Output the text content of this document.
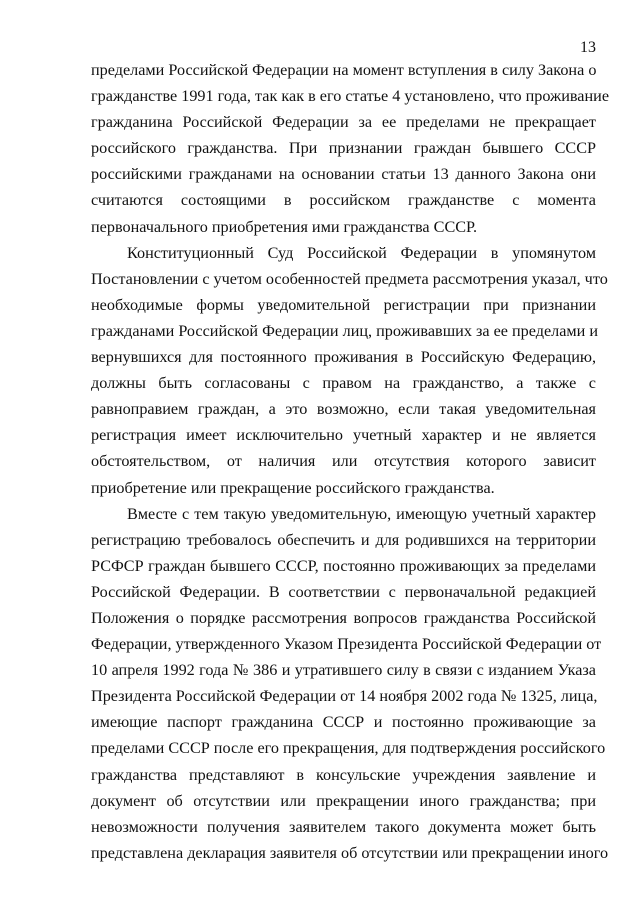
13
пределами Российской Федерации на момент вступления в силу Закона о
гражданстве 1991 года, так как в его статье 4 установлено, что проживание
гражданина Российской Федерации за ее пределами не прекращает
российского гражданства. При признании граждан бывшего СССР
российскими гражданами на основании статьи 13 данного Закона они
считаются состоящими в российском гражданстве с момента
первоначального приобретения ими гражданства СССР.
Конституционный Суд Российской Федерации в упомянутом
Постановлении с учетом особенностей предмета рассмотрения указал, что
необходимые формы уведомительной регистрации при признании
гражданами Российской Федерации лиц, проживавших за ее пределами и
вернувшихся для постоянного проживания в Российскую Федерацию,
должны быть согласованы с правом на гражданство, а также с
равноправием граждан, а это возможно, если такая уведомительная
регистрация имеет исключительно учетный характер и не является
обстоятельством, от наличия или отсутствия которого зависит
приобретение или прекращение российского гражданства.
Вместе с тем такую уведомительную, имеющую учетный характер
регистрацию требовалось обеспечить и для родившихся на территории
РСФСР граждан бывшего СССР, постоянно проживающих за пределами
Российской Федерации. В соответствии с первоначальной редакцией
Положения о порядке рассмотрения вопросов гражданства Российской
Федерации, утвержденного Указом Президента Российской Федерации от
10 апреля 1992 года № 386 и утратившего силу в связи с изданием Указа
Президента Российской Федерации от 14 ноября 2002 года № 1325, лица,
имеющие паспорт гражданина СССР и постоянно проживающие за
пределами СССР после его прекращения, для подтверждения российского
гражданства представляют в консульские учреждения заявление и
документ об отсутствии или прекращении иного гражданства; при
невозможности получения заявителем такого документа может быть
представлена декларация заявителя об отсутствии или прекращении иного
